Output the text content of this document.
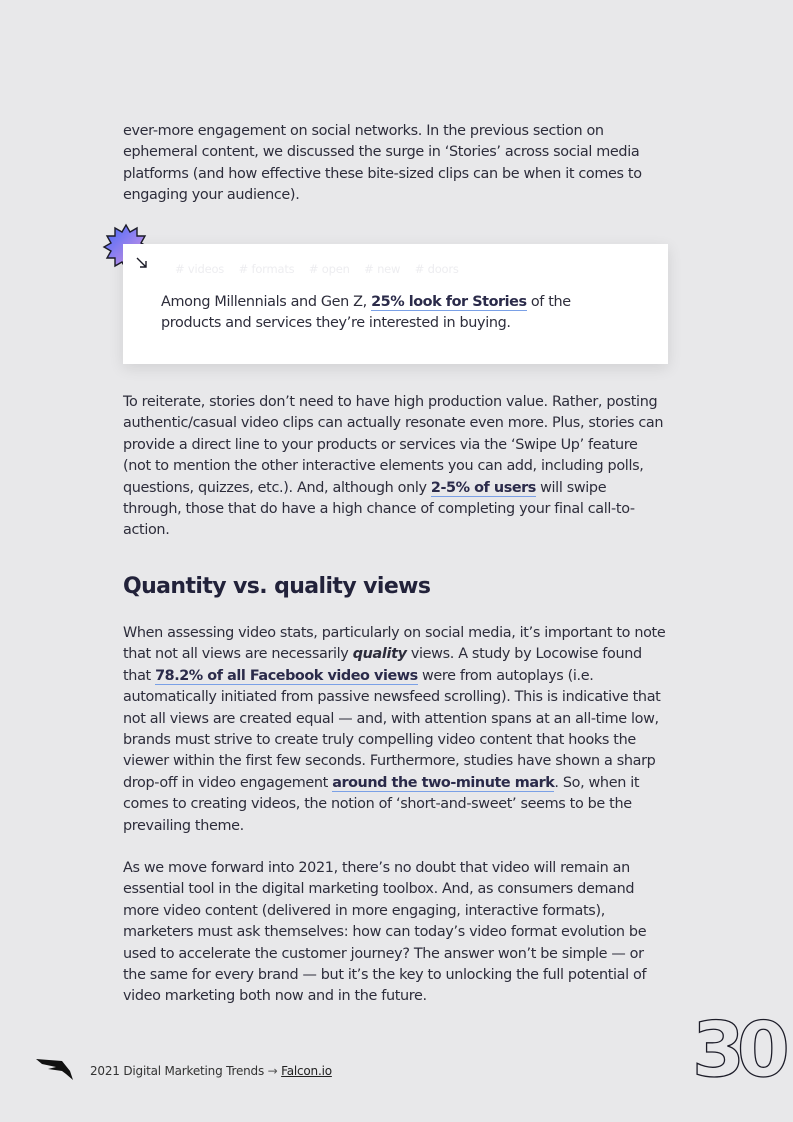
ever-more engagement on social networks. In the previous section on ephemeral content, we discussed the surge in ‘Stories’ across social media platforms (and how effective these bite-sized clips can be when it comes to engaging your audience).

# videos # formats # open # new # doors
Among Millennials and Gen Z, 25% look for Stories of the products and services they’re interested in buying.

To reiterate, stories don’t need to have high production value. Rather, posting authentic/casual video clips can actually resonate even more. Plus, stories can provide a direct line to your products or services via the ‘Swipe Up’ feature (not to mention the other interactive elements you can add, including polls, questions, quizzes, etc.). And, although only 2-5% of users will swipe through, those that do have a high chance of completing your final call-to-action.

Quantity vs. quality views

When assessing video stats, particularly on social media, it’s important to note that not all views are necessarily quality views. A study by Locowise found that 78.2% of all Facebook video views were from autoplays (i.e. automatically initiated from passive newsfeed scrolling). This is indicative that not all views are created equal — and, with attention spans at an all-time low, brands must strive to create truly compelling video content that hooks the viewer within the first few seconds. Furthermore, studies have shown a sharp drop-off in video engagement around the two-minute mark. So, when it comes to creating videos, the notion of ‘short-and-sweet’ seems to be the prevailing theme.

As we move forward into 2021, there’s no doubt that video will remain an essential tool in the digital marketing toolbox. And, as consumers demand more video content (delivered in more engaging, interactive formats), marketers must ask themselves: how can today’s video format evolution be used to accelerate the customer journey? The answer won’t be simple — or the same for every brand — but it’s the key to unlocking the full potential of video marketing both now and in the future.

2021 Digital Marketing Trends → Falcon.io	30
